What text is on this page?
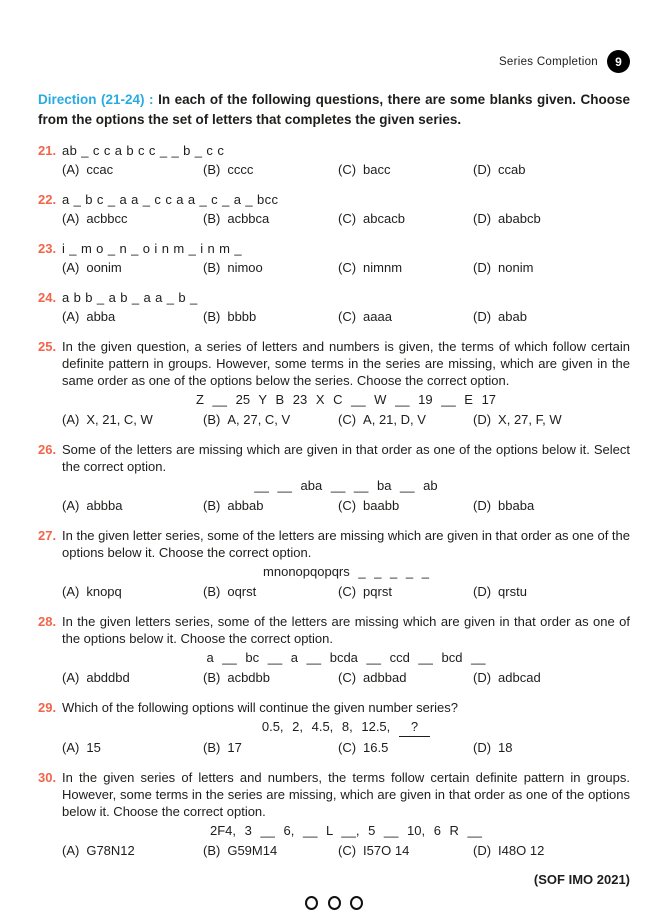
Series Completion	9
Direction (21-24) : In each of the following questions, there are some blanks given. Choose from the options the set of letters that completes the given series.
21. ab _ c c a b c c _ _ b _ c c
(A) ccac	(B) cccc	(C) bacc	(D) ccab
22. a _ b c _ a a _ c c a a _ c _ a _ bcc
(A) acbbcc	(B) acbbca	(C) abcacb	(D) ababcb
23. i _ m o _ n _ o i n m _ i n m _
(A) oonim	(B) nimoo	(C) nimnm	(D) nonim
24. a b b _ a b _ a a _ b _
(A) abba	(B) bbbb	(C) aaaa	(D) abab
25. In the given question, a series of letters and numbers is given, the terms of which follow certain definite pattern in groups. However, some terms in the series are missing, which are given in the same order as one of the options below the series. Choose the correct option.
Z __ 25 Y B 23 X C __ W __ 19 __ E 17
(A) X, 21, C, W	(B) A, 27, C, V	(C) A, 21, D, V	(D) X, 27, F, W
26. Some of the letters are missing which are given in that order as one of the options below it. Select the correct option.
__ __ aba __ __ ba __ ab
(A) abbba	(B) abbab	(C) baabb	(D) bbaba
27. In the given letter series, some of the letters are missing which are given in that order as one of the options below it. Choose the correct option.
mnonopqopqrs _ _ _ _ _
(A) knopq	(B) oqrst	(C) pqrst	(D) qrstu
28. In the given letters series, some of the letters are missing which are given in that order as one of the options below it. Choose the correct option.
a __ bc __ a __ bcda __ ccd __ bcd __
(A) abddbd	(B) acbdbb	(C) adbbad	(D) adbcad
29. Which of the following options will continue the given number series?
0.5, 2, 4.5, 8, 12.5, ?
(A) 15	(B) 17	(C) 16.5	(D) 18
30. In the given series of letters and numbers, the terms follow certain definite pattern in groups. However, some terms in the series are missing, which are given in that order as one of the options below it. Choose the correct option.
2F4, 3 __ 6, __ L __, 5 __ 10, 6 R __
(A) G78N12	(B) G59M14	(C) I57O 14	(D) I48O 12
(SOF IMO 2021)
